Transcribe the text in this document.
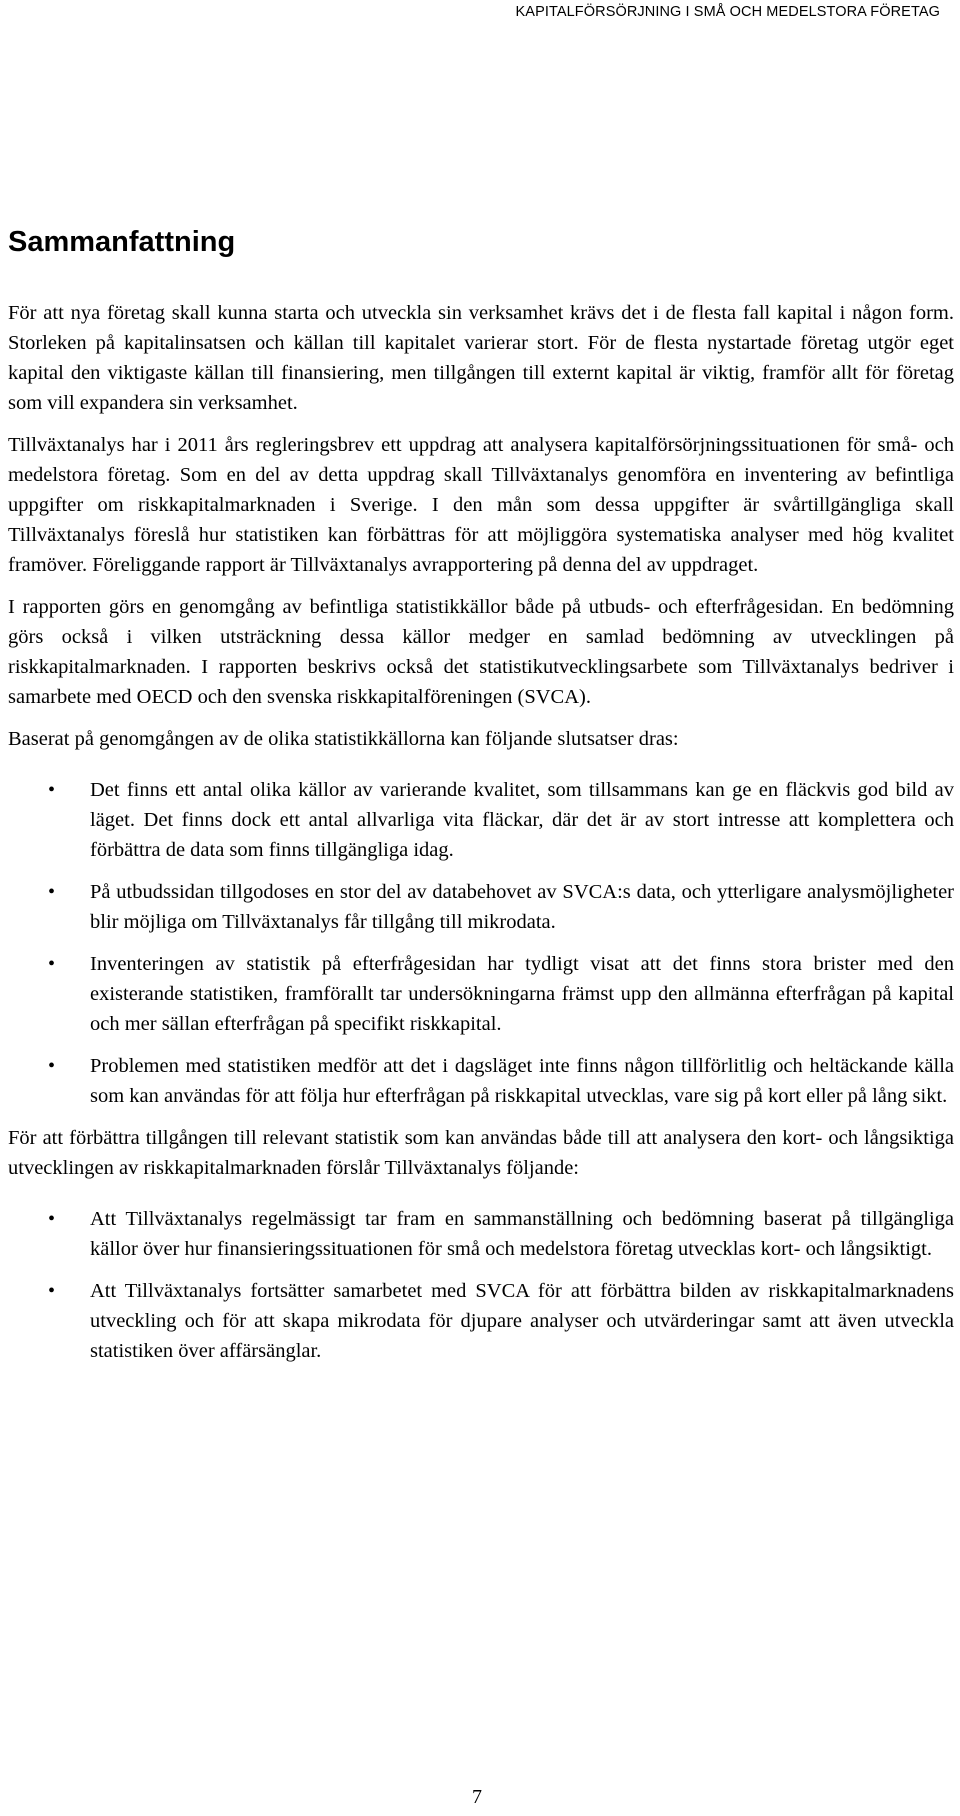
KAPITALFÖRSÖRJNING I SMÅ OCH MEDELSTORA FÖRETAG
Sammanfattning

För att nya företag skall kunna starta och utveckla sin verksamhet krävs det i de flesta fall kapital i någon form. Storleken på kapitalinsatsen och källan till kapitalet varierar stort. För de flesta nystartade företag utgör eget kapital den viktigaste källan till finansiering, men tillgången till externt kapital är viktig, framför allt för företag som vill expandera sin verksamhet.

Tillväxtanalys har i 2011 års regleringsbrev ett uppdrag att analysera kapitalförsörjningssituationen för små- och medelstora företag. Som en del av detta uppdrag skall Tillväxtanalys genomföra en inventering av befintliga uppgifter om riskkapitalmarknaden i Sverige. I den mån som dessa uppgifter är svårtillgängliga skall Tillväxtanalys föreslå hur statistiken kan förbättras för att möjliggöra systematiska analyser med hög kvalitet framöver. Föreliggande rapport är Tillväxtanalys avrapportering på denna del av uppdraget.

I rapporten görs en genomgång av befintliga statistikkällor både på utbuds- och efterfrågesidan. En bedömning görs också i vilken utsträckning dessa källor medger en samlad bedömning av utvecklingen på riskkapitalmarknaden. I rapporten beskrivs också det statistikutvecklingsarbete som Tillväxtanalys bedriver i samarbete med OECD och den svenska riskkapitalföreningen (SVCA).

Baserat på genomgången av de olika statistikkällorna kan följande slutsatser dras:

• Det finns ett antal olika källor av varierande kvalitet, som tillsammans kan ge en fläckvis god bild av läget. Det finns dock ett antal allvarliga vita fläckar, där det är av stort intresse att komplettera och förbättra de data som finns tillgängliga idag.
• På utbudssidan tillgodoses en stor del av databehovet av SVCA:s data, och ytterligare analysmöjligheter blir möjliga om Tillväxtanalys får tillgång till mikrodata.
• Inventeringen av statistik på efterfrågesidan har tydligt visat att det finns stora brister med den existerande statistiken, framförallt tar undersökningarna främst upp den allmänna efterfrågan på kapital och mer sällan efterfrågan på specifikt riskkapital.
• Problemen med statistiken medför att det i dagsläget inte finns någon tillförlitlig och heltäckande källa som kan användas för att följa hur efterfrågan på riskkapital utvecklas, vare sig på kort eller på lång sikt.

För att förbättra tillgången till relevant statistik som kan användas både till att analysera den kort- och långsiktiga utvecklingen av riskkapitalmarknaden förslår Tillväxtanalys följande:

• Att Tillväxtanalys regelmässigt tar fram en sammanställning och bedömning baserat på tillgängliga källor över hur finansieringssituationen för små och medelstora företag utvecklas kort- och långsiktigt.
• Att Tillväxtanalys fortsätter samarbetet med SVCA för att förbättra bilden av riskkapitalmarknadens utveckling och för att skapa mikrodata för djupare analyser och utvärderingar samt att även utveckla statistiken över affärsänglar.
7
